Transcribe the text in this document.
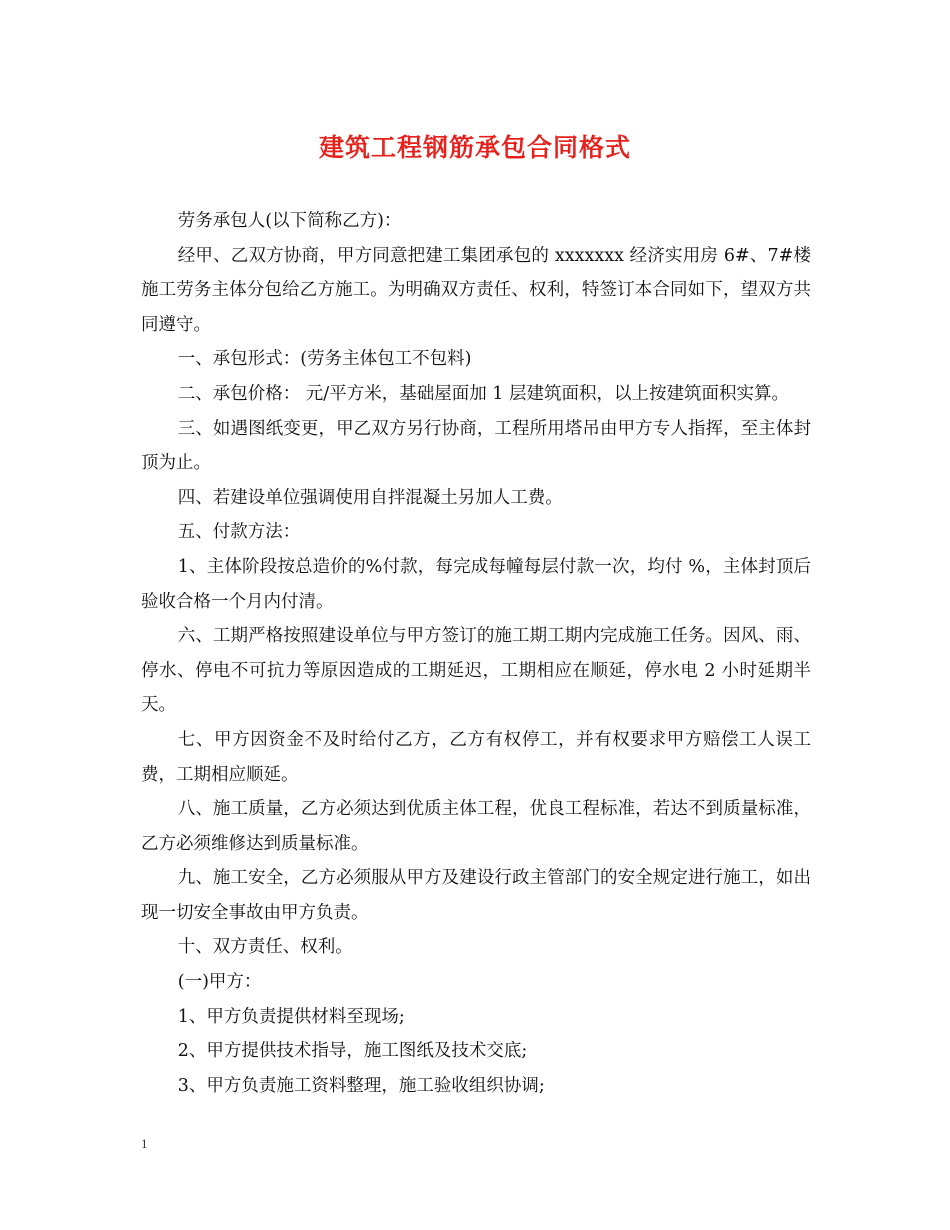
建筑工程钢筋承包合同格式

劳务承包人(以下简称乙方)：

经甲、乙双方协商，甲方同意把建工集团承包的 xxxxxxx 经济实用房 6#、7#楼施工劳务主体分包给乙方施工。为明确双方责任、权利，特签订本合同如下，望双方共同遵守。

一、承包形式：(劳务主体包工不包料)

二、承包价格： 元/平方米，基础屋面加 1 层建筑面积，以上按建筑面积实算。

三、如遇图纸变更，甲乙双方另行协商，工程所用塔吊由甲方专人指挥，至主体封顶为止。

四、若建设单位强调使用自拌混凝土另加人工费。

五、付款方法：

1、主体阶段按总造价的%付款，每完成每幢每层付款一次，均付 %，主体封顶后验收合格一个月内付清。

六、工期严格按照建设单位与甲方签订的施工期工期内完成施工任务。因风、雨、停水、停电不可抗力等原因造成的工期延迟，工期相应在顺延，停水电 2 小时延期半天。

七、甲方因资金不及时给付乙方，乙方有权停工，并有权要求甲方赔偿工人误工费，工期相应顺延。

八、施工质量，乙方必须达到优质主体工程，优良工程标准，若达不到质量标准，乙方必须维修达到质量标准。

九、施工安全，乙方必须服从甲方及建设行政主管部门的安全规定进行施工，如出现一切安全事故由甲方负责。

十、双方责任、权利。

(一)甲方：

1、甲方负责提供材料至现场;

2、甲方提供技术指导，施工图纸及技术交底;

3、甲方负责施工资料整理，施工验收组织协调;

1
